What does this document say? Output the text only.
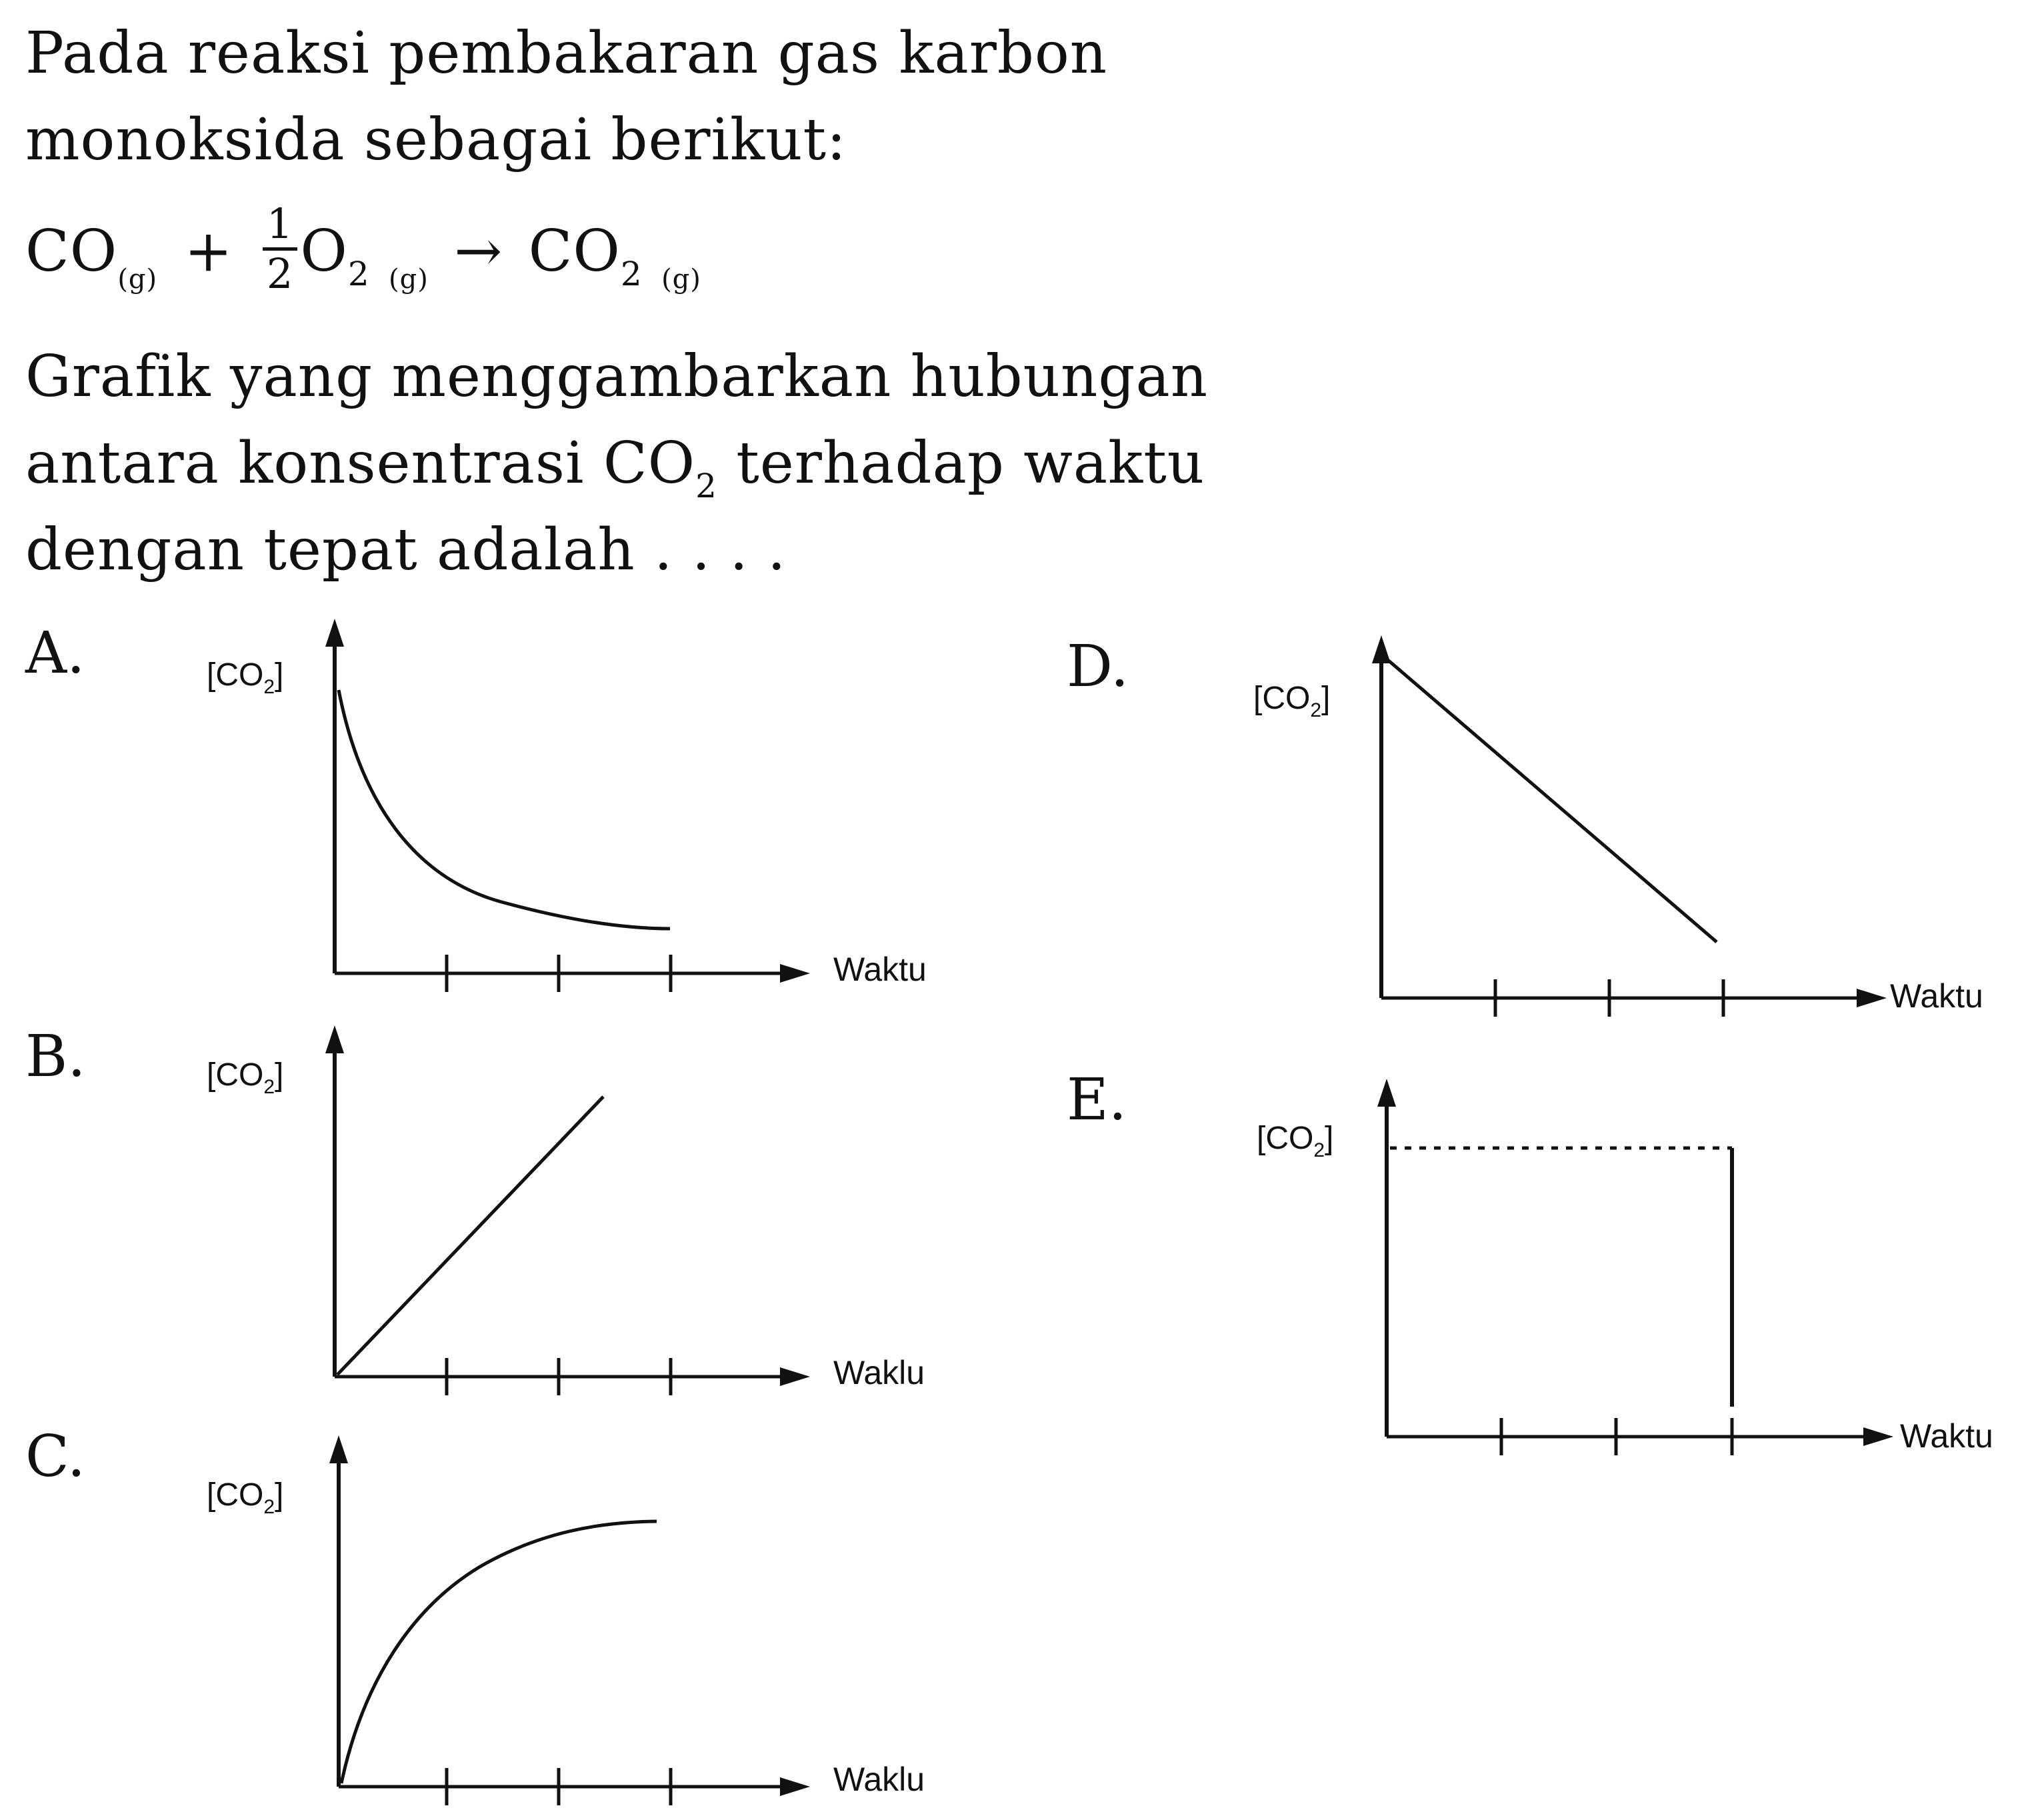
Pada reaksi pembakaran gas karbon
monoksida sebagai berikut:
$CO_{(g)} + \frac{1}{2} O_2$ $_{(g)} \to CO_2$ $_{(g)}$
Grafik yang menggambarkan hubungan
antara konsentrasi $CO_2$ terhadap waktu
dengan tepat adalah . . . .
A.
B.
C.
D.
E.
$[CO_2]$
$[CO_2]$
$[CO_2]$
$[CO_2]$
$[CO_2]$
Waktu
Waklu
Waklu
Waktu
Waktu
